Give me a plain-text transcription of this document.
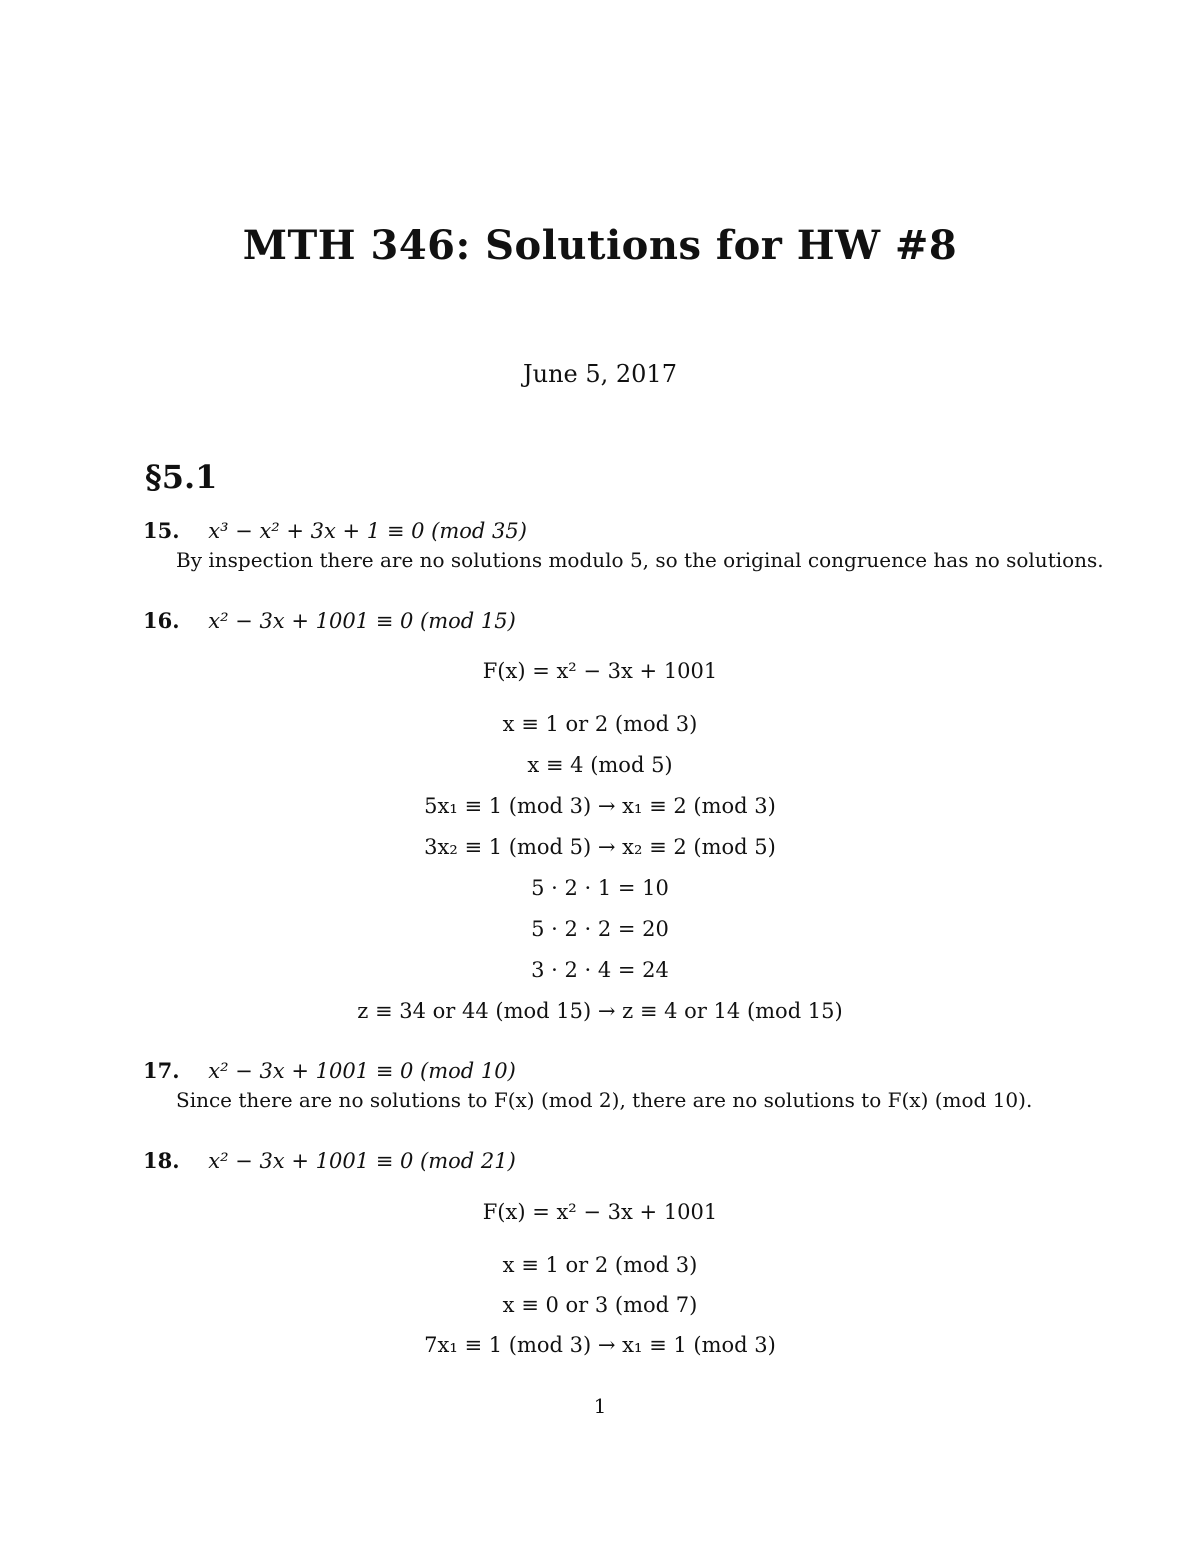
MTH 346: Solutions for HW #8
June 5, 2017
§5.1
15. x³ − x² + 3x + 1 ≡ 0 (mod 35)
By inspection there are no solutions modulo 5, so the original congruence has no solutions.
16. x² − 3x + 1001 ≡ 0 (mod 15)
F(x) = x² − 3x + 1001
x ≡ 1 or 2 (mod 3)
x ≡ 4 (mod 5)
5x₁ ≡ 1 (mod 3) → x₁ ≡ 2 (mod 3)
3x₂ ≡ 1 (mod 5) → x₂ ≡ 2 (mod 5)
5 · 2 · 1 = 10
5 · 2 · 2 = 20
3 · 2 · 4 = 24
z ≡ 34 or 44 (mod 15) → z ≡ 4 or 14 (mod 15)
17. x² − 3x + 1001 ≡ 0 (mod 10)
Since there are no solutions to F(x) (mod 2), there are no solutions to F(x) (mod 10).
18. x² − 3x + 1001 ≡ 0 (mod 21)
F(x) = x² − 3x + 1001
x ≡ 1 or 2 (mod 3)
x ≡ 0 or 3 (mod 7)
7x₁ ≡ 1 (mod 3) → x₁ ≡ 1 (mod 3)
1
